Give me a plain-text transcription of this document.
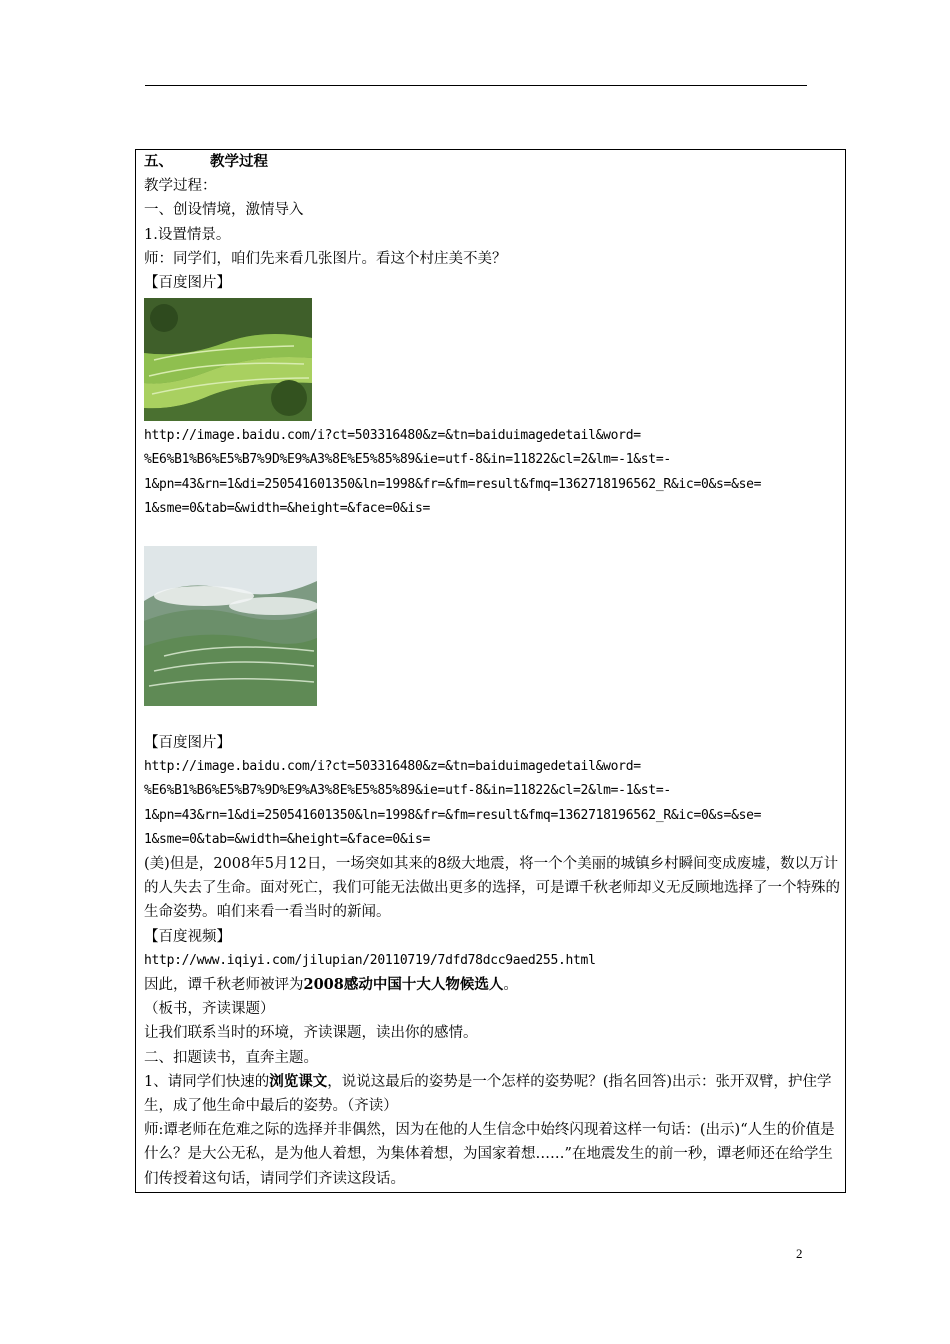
五、	教学过程
教学过程：
一、创设情境，激情导入
1.设置情景。
师：同学们，咱们先来看几张图片。看这个村庄美不美？
【百度图片】
http://image.baidu.com/i?ct=503316480&z=&tn=baiduimagedetail&word=
%E6%B1%B6%E5%B7%9D%E9%A3%8E%E5%85%89&ie=utf-8&in=11822&cl=2&lm=-1&st=-
1&pn=43&rn=1&di=250541601350&ln=1998&fr=&fm=result&fmq=1362718196562_R&ic=0&s=&se=
1&sme=0&tab=&width=&height=&face=0&is=
【百度图片】
http://image.baidu.com/i?ct=503316480&z=&tn=baiduimagedetail&word=
%E6%B1%B6%E5%B7%9D%E9%A3%8E%E5%85%89&ie=utf-8&in=11822&cl=2&lm=-1&st=-
1&pn=43&rn=1&di=250541601350&ln=1998&fr=&fm=result&fmq=1362718196562_R&ic=0&s=&se=
1&sme=0&tab=&width=&height=&face=0&is=
(美)但是，2008年5月12日，一场突如其来的8级大地震，将一个个美丽的城镇乡村瞬间变成废墟，数以万计的人失去了生命。面对死亡，我们可能无法做出更多的选择，可是谭千秋老师却义无反顾地选择了一个特殊的生命姿势。咱们来看一看当时的新闻。
【百度视频】
http://www.iqiyi.com/jilupian/20110719/7dfd78dcc9aed255.html
因此，谭千秋老师被评为2008感动中国十大人物候选人。
（板书，齐读课题）
让我们联系当时的环境，齐读课题，读出你的感情。
二、扣题读书，直奔主题。
1、请同学们快速的浏览课文，说说这最后的姿势是一个怎样的姿势呢？(指名回答)出示：张开双臂，护住学生，成了他生命中最后的姿势。（齐读）
师:谭老师在危难之际的选择并非偶然，因为在他的人生信念中始终闪现着这样一句话：(出示)“人生的价值是什么？是大公无私，是为他人着想，为集体着想，为国家着想……”在地震发生的前一秒，谭老师还在给学生们传授着这句话，请同学们齐读这段话。
2
